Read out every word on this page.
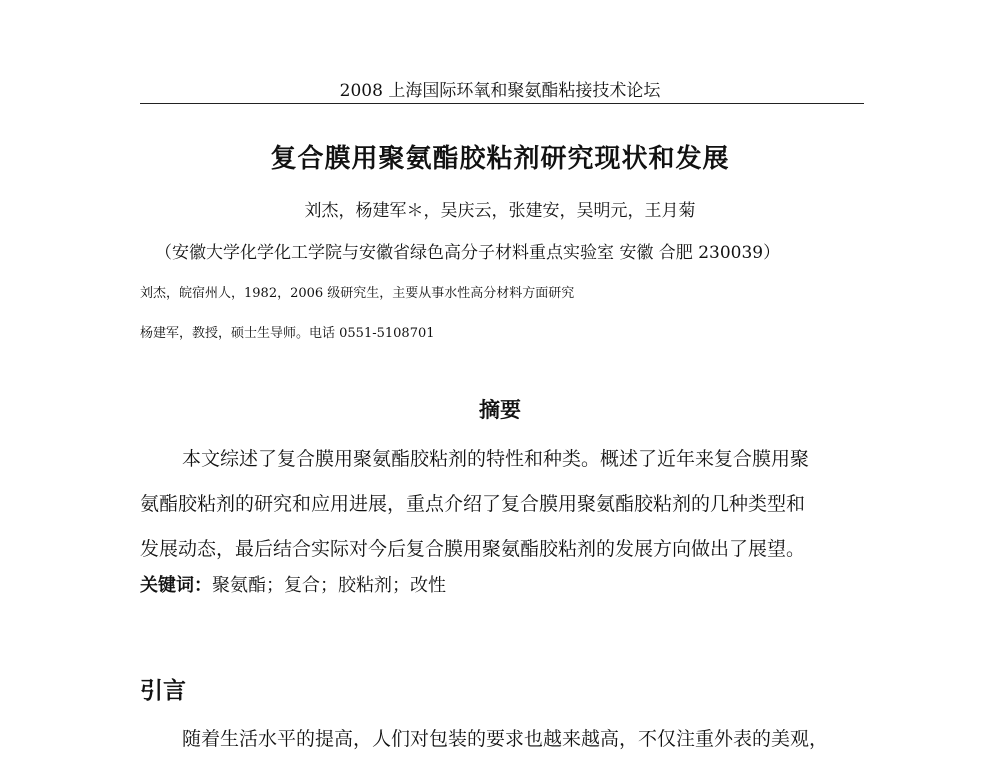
2008 上海国际环氧和聚氨酯粘接技术论坛
复合膜用聚氨酯胶粘剂研究现状和发展
刘杰，杨建军＊，吴庆云，张建安，吴明元，王月菊
（安徽大学化学化工学院与安徽省绿色高分子材料重点实验室 安徽 合肥 230039）
刘杰，皖宿州人，1982，2006 级研究生，主要从事水性高分材料方面研究
杨建军，教授，硕士生导师。电话 0551-5108701
摘要
本文综述了复合膜用聚氨酯胶粘剂的特性和种类。概述了近年来复合膜用聚
氨酯胶粘剂的研究和应用进展，重点介绍了复合膜用聚氨酯胶粘剂的几种类型和
发展动态，最后结合实际对今后复合膜用聚氨酯胶粘剂的发展方向做出了展望。
关键词：聚氨酯；复合；胶粘剂；改性
引言
随着生活水平的提高，人们对包装的要求也越来越高，不仅注重外表的美观，
